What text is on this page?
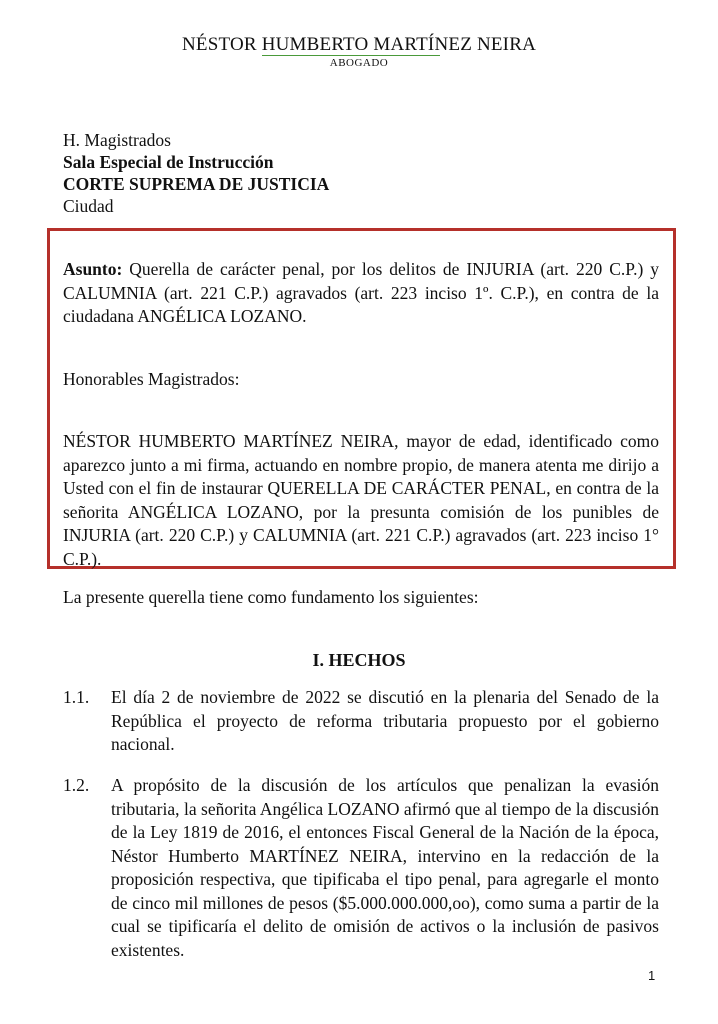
NÉSTOR HUMBERTO MARTÍNEZ NEIRA
ABOGADO
H. Magistrados
Sala Especial de Instrucción
CORTE SUPREMA DE JUSTICIA
Ciudad
Asunto: Querella de carácter penal, por los delitos de INJURIA (art. 220 C.P.) y CALUMNIA (art. 221 C.P.) agravados (art. 223 inciso 1º. C.P.), en contra de la ciudadana ANGÉLICA LOZANO.
Honorables Magistrados:
NÉSTOR HUMBERTO MARTÍNEZ NEIRA, mayor de edad, identificado como aparezco junto a mi firma, actuando en nombre propio, de manera atenta me dirijo a Usted con el fin de instaurar QUERELLA DE CARÁCTER PENAL, en contra de la señorita ANGÉLICA LOZANO, por la presunta comisión de los punibles de INJURIA (art. 220 C.P.) y CALUMNIA (art. 221 C.P.) agravados (art. 223 inciso 1° C.P.).
La presente querella tiene como fundamento los siguientes:
I. HECHOS
1.1. El día 2 de noviembre de 2022 se discutió en la plenaria del Senado de la República el proyecto de reforma tributaria propuesto por el gobierno nacional.
1.2. A propósito de la discusión de los artículos que penalizan la evasión tributaria, la señorita Angélica LOZANO afirmó que al tiempo de la discusión de la Ley 1819 de 2016, el entonces Fiscal General de la Nación de la época, Néstor Humberto MARTÍNEZ NEIRA, intervino en la redacción de la proposición respectiva, que tipificaba el tipo penal, para agregarle el monto de cinco mil millones de pesos ($5.000.000.000,oo), como suma a partir de la cual se tipificaría el delito de omisión de activos o la inclusión de pasivos existentes.
1
